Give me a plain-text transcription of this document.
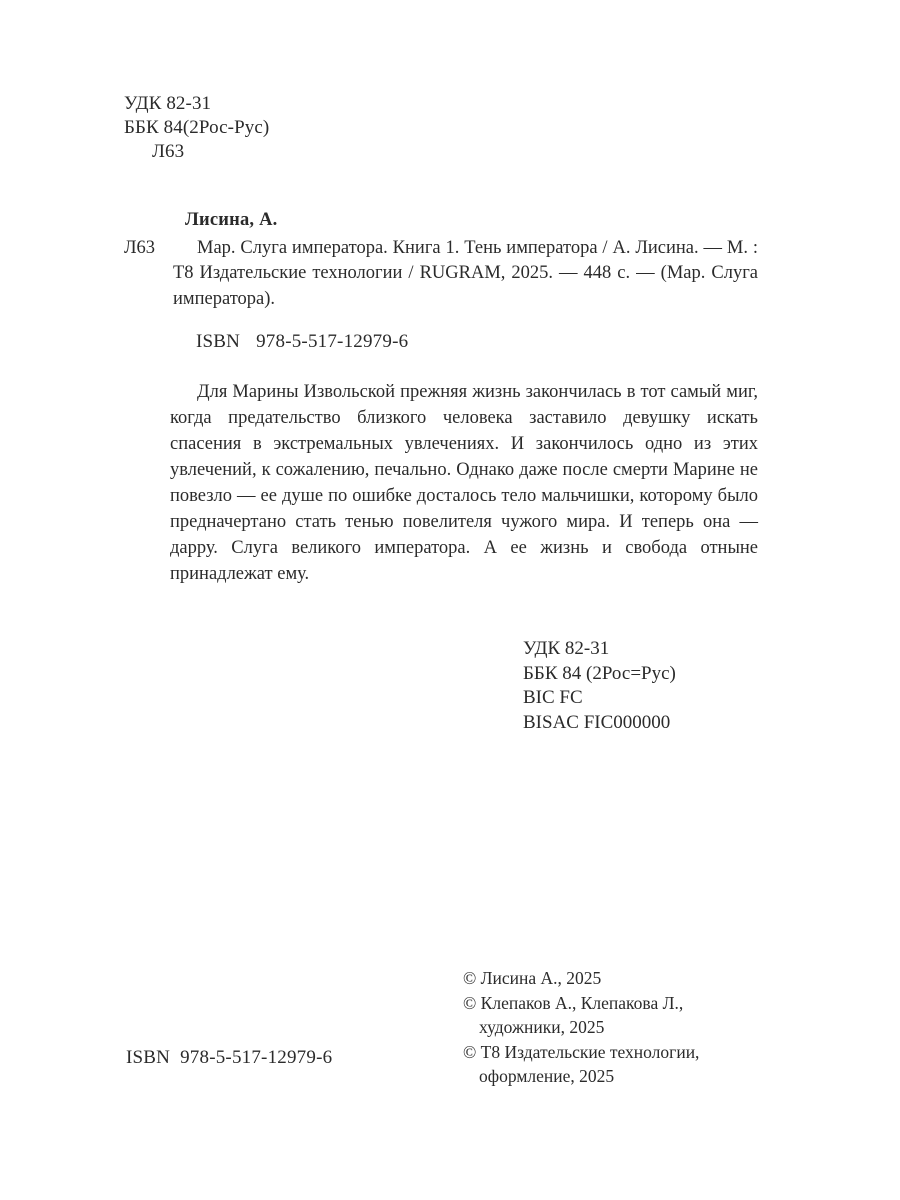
УДК 82-31
ББК 84(2Рос-Рус)
Л63
Лисина, А.
Л63	Мар. Слуга императора. Книга 1. Тень императора / А. Лисина. — М. : Т8 Издательские технологии / RUGRAM, 2025. — 448 с. — (Мар. Слуга императора).
ISBN 978-5-517-12979-6
Для Марины Извольской прежняя жизнь закончилась в тот самый миг, когда предательство близкого человека заставило девушку искать спасения в экстремальных увлечениях. И закончилось одно из этих увлечений, к сожалению, печально. Однако даже после смерти Марине не повезло — ее душе по ошибке досталось тело мальчишки, которому было предначертано стать тенью повелителя чужого мира. И теперь она — дарру. Слуга великого императора. А ее жизнь и свобода отныне принадлежат ему.
УДК 82-31
ББК 84 (2Рос=Рус)
BIC FC
BISAC FIC000000
© Лисина А., 2025
© Клепаков А., Клепакова Л., художники, 2025
© Т8 Издательские технологии, оформление, 2025
ISBN 978-5-517-12979-6
